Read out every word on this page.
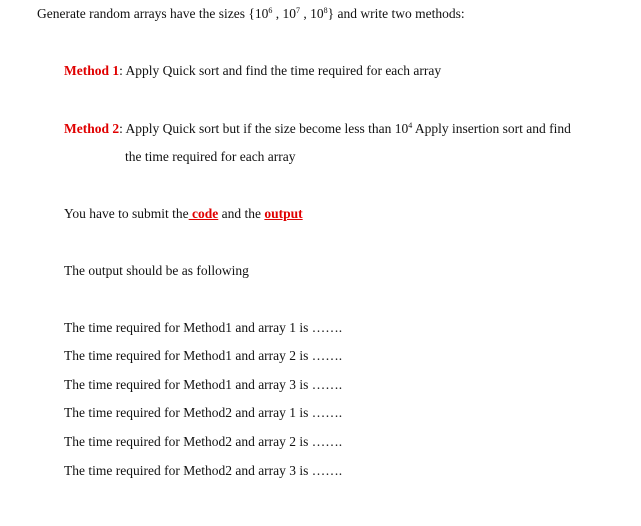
Generate random arrays have the sizes {$10^6$ , $10^7$ , $10^8$} and write two methods:
Method 1: Apply Quick sort and find the time required for each array
Method 2: Apply Quick sort but if the size become less than $10^4$ Apply insertion sort and find
the time required for each array
You have to submit the code and the output
The output should be as following
The time required for Method1 and array 1 is …….
The time required for Method1 and array 2 is …….
The time required for Method1 and array 3 is …….
The time required for Method2 and array 1 is …….
The time required for Method2 and array 2 is …….
The time required for Method2 and array 3 is …….
